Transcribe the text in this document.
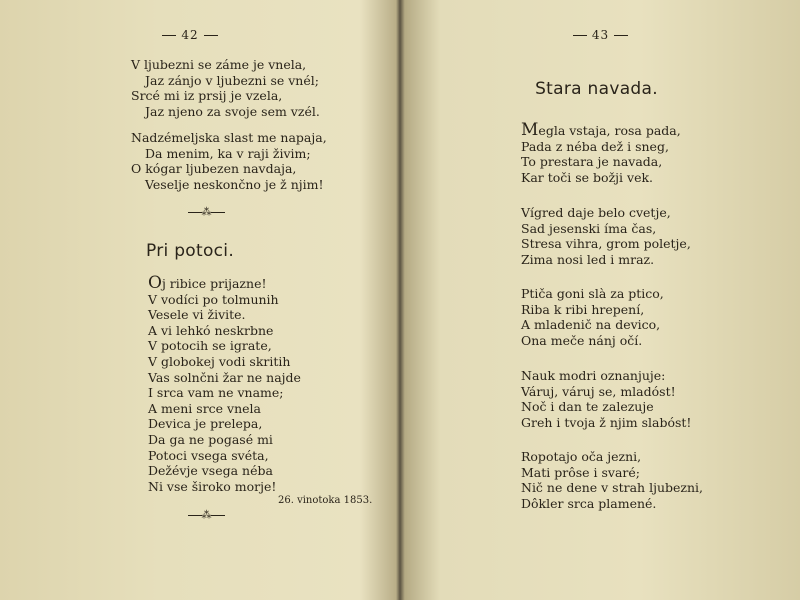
42
V ljubezni se záme je vnela,
Jaz zánjo v ljubezni se vnél;
Srcé mi iz prsij je vzela,
Jaz njeno za svoje sem vzél.
Nadzémeljska slast me napaja,
Da menim, ka v raji živim;
O kógar ljubezen navdaja,
Veselje neskončno je ž njim!
⁂
Pri potoci.
Oj ribice prijazne!
V vodíci po tolmunih
Vesele vi živite.
A vi lehkó neskrbne
V potocih se igrate,
V globokej vodi skritih
Vas solnčni žar ne najde
I srca vam ne vname;
A meni srce vnela
Devica je prelepa,
Da ga ne pogasé mi
Potoci vsega svéta,
Dežévje vsega néba
Ni vse široko morje!
26. vinotoka 1853.
⁂
43
Stara navada.
Megla vstaja, rosa pada,
Pada z néba dež i sneg,
To prestara je navada,
Kar toči se božji vek.
Vígred daje belo cvetje,
Sad jesenski íma čas,
Stresa vihra, grom poletje,
Zima nosi led i mraz.
Ptiča goni slà za ptico,
Riba k ribi hrepení,
A mladenič na devico,
Ona meče nánj očí.
Nauk modri oznanjuje:
Váruj, váruj se, mladóst!
Noč i dan te zalezuje
Greh i tvoja ž njim slabóst!
Ropotajo oča jezni,
Mati prôse i svaré;
Nič ne dene v strah ljubezni,
Dôkler srca plamené.
